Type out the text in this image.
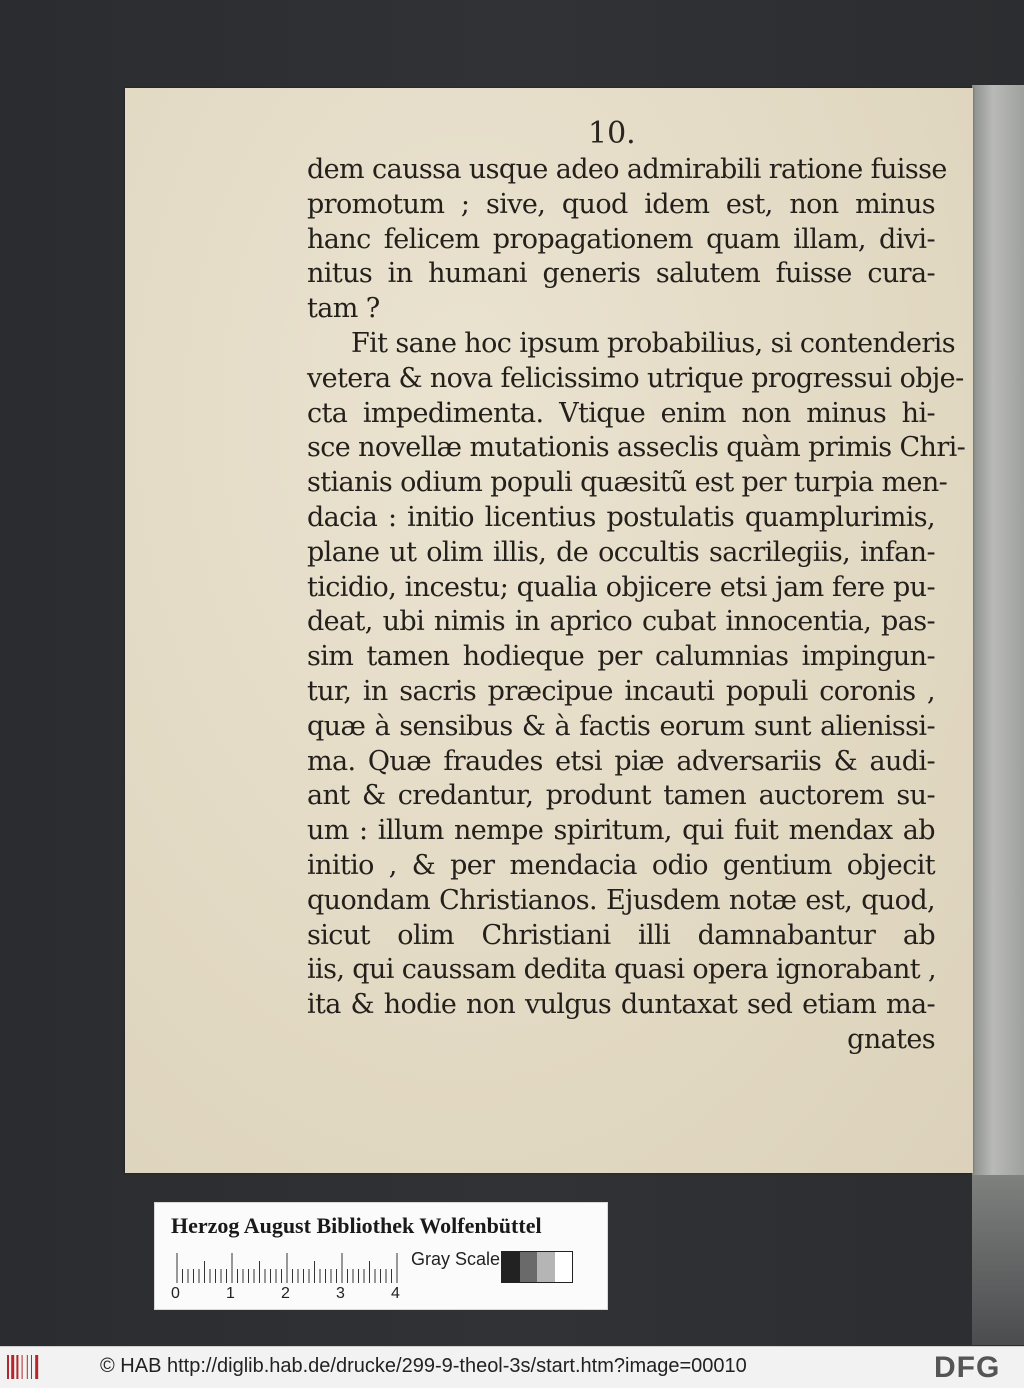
10.
dem caussa usque adeo admirabili ratione fuisse
promotum ; sive, quod idem est, non minus
hanc felicem propagationem quam illam, divi-
nitus in humani generis salutem fuisse cura-
tam ?
Fit sane hoc ipsum probabilius, si contenderis
vetera & nova felicissimo utrique progressui obje-
cta impedimenta. Vtique enim non minus hi-
sce novellæ mutationis asseclis quàm primis Chri-
stianis odium populi quæsitũ est per turpia men-
dacia : initio licentius postulatis quamplurimis,
plane ut olim illis, de occultis sacrilegiis, infan-
ticidio, incestu; qualia objicere etsi jam fere pu-
deat, ubi nimis in aprico cubat innocentia, pas-
sim tamen hodieque per calumnias impingun-
tur, in sacris præcipue incauti populi coronis ,
quæ à sensibus & à factis eorum sunt alienissi-
ma. Quæ fraudes etsi piæ adversariis & audi-
ant & credantur, produnt tamen auctorem su-
um : illum nempe spiritum, qui fuit mendax ab
initio , & per mendacia odio gentium objecit
quondam Christianos. Ejusdem notæ est, quod,
sicut olim Christiani illi damnabantur ab
iis, qui caussam dedita quasi opera ignorabant ,
ita & hodie non vulgus duntaxat sed etiam ma-
gnates
Herzog August Bibliothek Wolfenbüttel
0	1	2	3	4
Gray Scale
© HAB http://diglib.hab.de/drucke/299-9-theol-3s/start.htm?image=00010	DFG
